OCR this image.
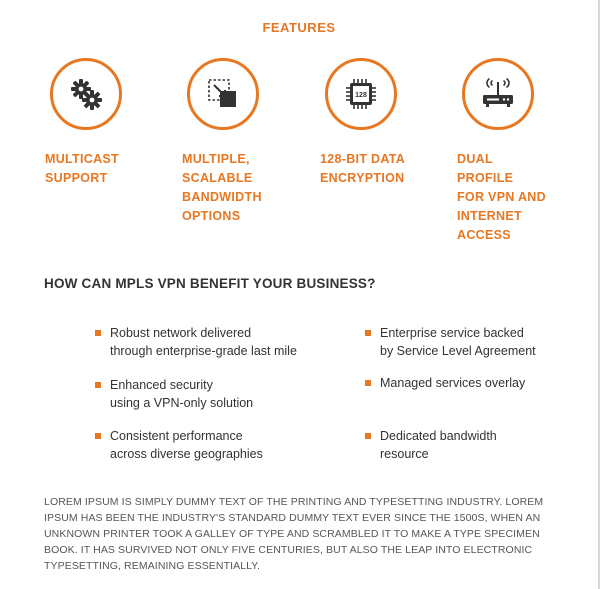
FEATURES
MULTICAST
SUPPORT
MULTIPLE,
SCALABLE
BANDWIDTH
OPTIONS
128
128-BIT DATA
ENCRYPTION
DUAL
PROFILE
FOR VPN AND
INTERNET
ACCESS
HOW CAN MPLS VPN BENEFIT YOUR BUSINESS?
Robust network delivered
through enterprise-grade last mile
Enhanced security
using a VPN-only solution
Consistent performance
across diverse geographies
Enterprise service backed
by Service Level Agreement
Managed services overlay
Dedicated bandwidth
resource
LOREM IPSUM IS SIMPLY DUMMY TEXT OF THE PRINTING AND TYPESETTING INDUSTRY. LOREM IPSUM HAS BEEN THE INDUSTRY'S STANDARD DUMMY TEXT EVER SINCE THE 1500S, WHEN AN UNKNOWN PRINTER TOOK A GALLEY OF TYPE AND SCRAMBLED IT TO MAKE A TYPE SPECIMEN BOOK. IT HAS SURVIVED NOT ONLY FIVE CENTURIES, BUT ALSO THE LEAP INTO ELECTRONIC TYPESETTING, REMAINING ESSENTIALLY.
